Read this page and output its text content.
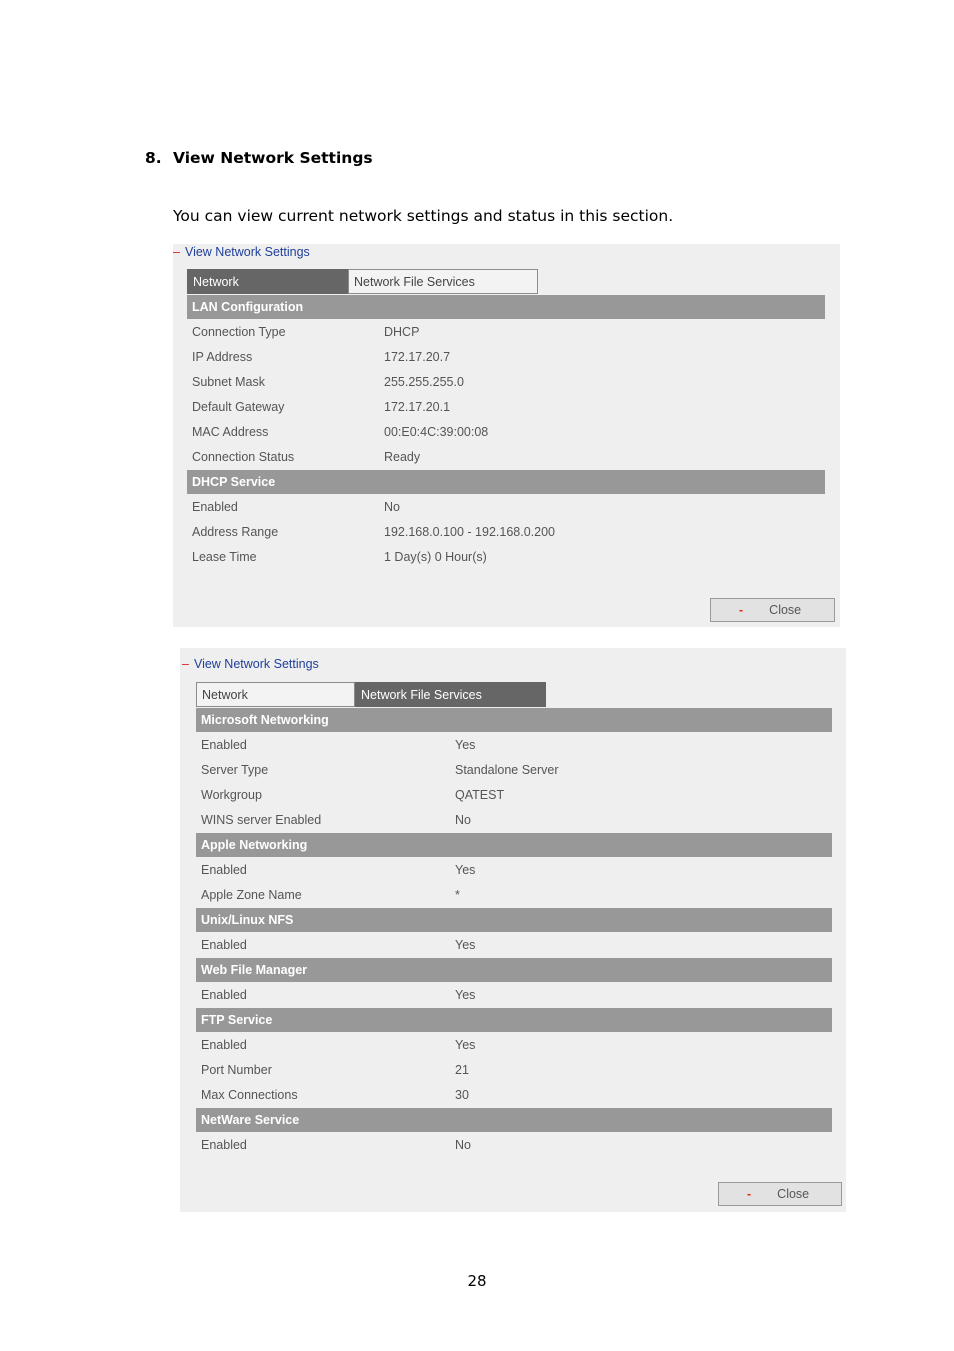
8. View Network Settings

You can view current network settings and status in this section.

– View Network Settings
Network	Network File Services
LAN Configuration
Connection Type	DHCP
IP Address	172.17.20.7
Subnet Mask	255.255.255.0
Default Gateway	172.17.20.1
MAC Address	00:E0:4C:39:00:08
Connection Status	Ready
DHCP Service
Enabled	No
Address Range	192.168.0.100 - 192.168.0.200
Lease Time	1 Day(s) 0 Hour(s)
- Close
– View Network Settings
Network	Network File Services
Microsoft Networking
Enabled	Yes
Server Type	Standalone Server
Workgroup	QATEST
WINS server Enabled	No
Apple Networking
Enabled	Yes
Apple Zone Name	*
Unix/Linux NFS
Enabled	Yes
Web File Manager
Enabled	Yes
FTP Service
Enabled	Yes
Port Number	21
Max Connections	30
NetWare Service
Enabled	No
- Close
28
